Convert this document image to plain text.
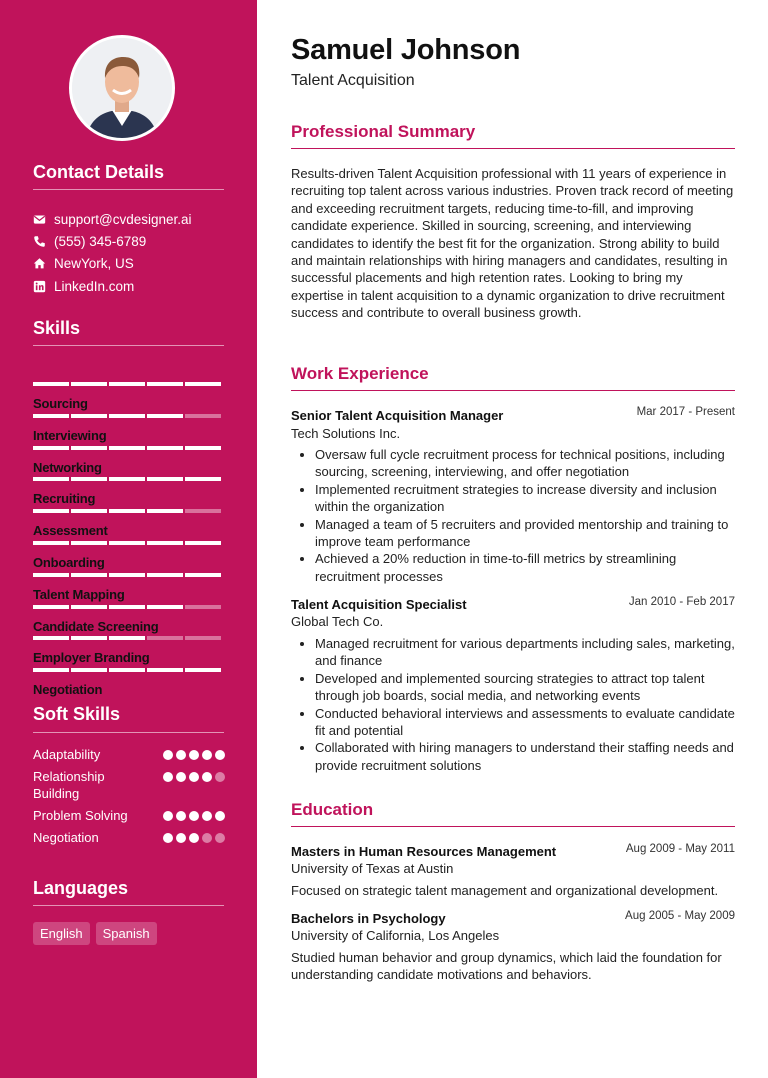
Contact Details
support@cvdesigner.ai
(555) 345-6789
NewYork, US
LinkedIn.com
Skills
Sourcing
Interviewing
Networking
Recruiting
Assessment
Onboarding
Talent Mapping
Candidate Screening
Employer Branding
Negotiation
Soft Skills
Adaptability
Relationship Building
Problem Solving
Negotiation
Languages
English	Spanish
Samuel Johnson
Talent Acquisition
Professional Summary
Results-driven Talent Acquisition professional with 11 years of experience in recruiting top talent across various industries. Proven track record of meeting and exceeding recruitment targets, reducing time-to-fill, and improving candidate experience. Skilled in sourcing, screening, and interviewing candidates to identify the best fit for the organization. Strong ability to build and maintain relationships with hiring managers and candidates, resulting in successful placements and high retention rates. Looking to bring my expertise in talent acquisition to a dynamic organization to drive recruitment success and contribute to overall business growth.
Work Experience
Senior Talent Acquisition Manager	Mar 2017 - Present
Tech Solutions Inc.
• Oversaw full cycle recruitment process for technical positions, including sourcing, screening, interviewing, and offer negotiation
• Implemented recruitment strategies to increase diversity and inclusion within the organization
• Managed a team of 5 recruiters and provided mentorship and training to improve team performance
• Achieved a 20% reduction in time-to-fill metrics by streamlining recruitment processes
Talent Acquisition Specialist	Jan 2010 - Feb 2017
Global Tech Co.
• Managed recruitment for various departments including sales, marketing, and finance
• Developed and implemented sourcing strategies to attract top talent through job boards, social media, and networking events
• Conducted behavioral interviews and assessments to evaluate candidate fit and potential
• Collaborated with hiring managers to understand their staffing needs and provide recruitment solutions
Education
Masters in Human Resources Management	Aug 2009 - May 2011
University of Texas at Austin
Focused on strategic talent management and organizational development.
Bachelors in Psychology	Aug 2005 - May 2009
University of California, Los Angeles
Studied human behavior and group dynamics, which laid the foundation for understanding candidate motivations and behaviors.
